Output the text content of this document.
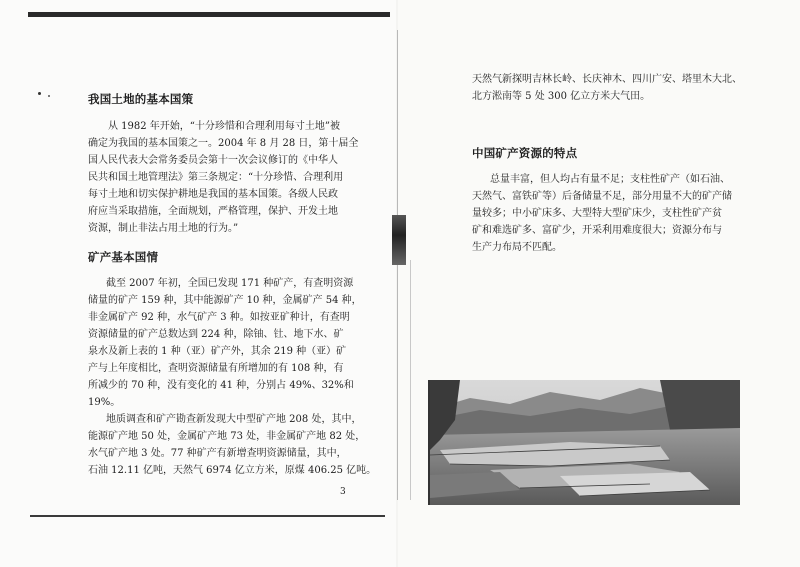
我国土地的基本国策
从 1982 年开始，“十分珍惜和合理利用每寸土地”被
确定为我国的基本国策之一。2004 年 8 月 28 日，第十届全
国人民代表大会常务委员会第十一次会议修订的《中华人
民共和国土地管理法》第三条规定：“十分珍惜、合理利用
每寸土地和切实保护耕地是我国的基本国策。各级人民政
府应当采取措施，全面规划，严格管理，保护、开发土地
资源，制止非法占用土地的行为。”
矿产基本国情
截至 2007 年初，全国已发现 171 种矿产，有查明资源
储量的矿产 159 种，其中能源矿产 10 种，金属矿产 54 种，
非金属矿产 92 种，水气矿产 3 种。如按亚矿种计，有查明
资源储量的矿产总数达到 224 种，除铀、钍、地下水、矿
泉水及新上表的 1 种（亚）矿产外，其余 219 种（亚）矿
产与上年度相比，查明资源储量有所增加的有 108 种，有
所减少的 70 种，没有变化的 41 种，分别占 49%、32%和
19%。
地质调查和矿产勘查新发现大中型矿产地 208 处，其中，
能源矿产地 50 处，金属矿产地 73 处，非金属矿产地 82 处，
水气矿产地 3 处。77 种矿产有新增查明资源储量，其中，
石油 12.11 亿吨，天然气 6974 亿立方米，原煤 406.25 亿吨。
3
天然气新探明吉林长岭、长庆神木、四川广安、塔里木大北、
北方淞南等 5 处 300 亿立方米大气田。
中国矿产资源的特点
总量丰富，但人均占有量不足；支柱性矿产（如石油、
天然气、富铁矿等）后备储量不足，部分用量不大的矿产储
量较多；中小矿床多、大型特大型矿床少，支柱性矿产贫
矿和难选矿多、富矿少，开采利用难度很大；资源分布与
生产力布局不匹配。
